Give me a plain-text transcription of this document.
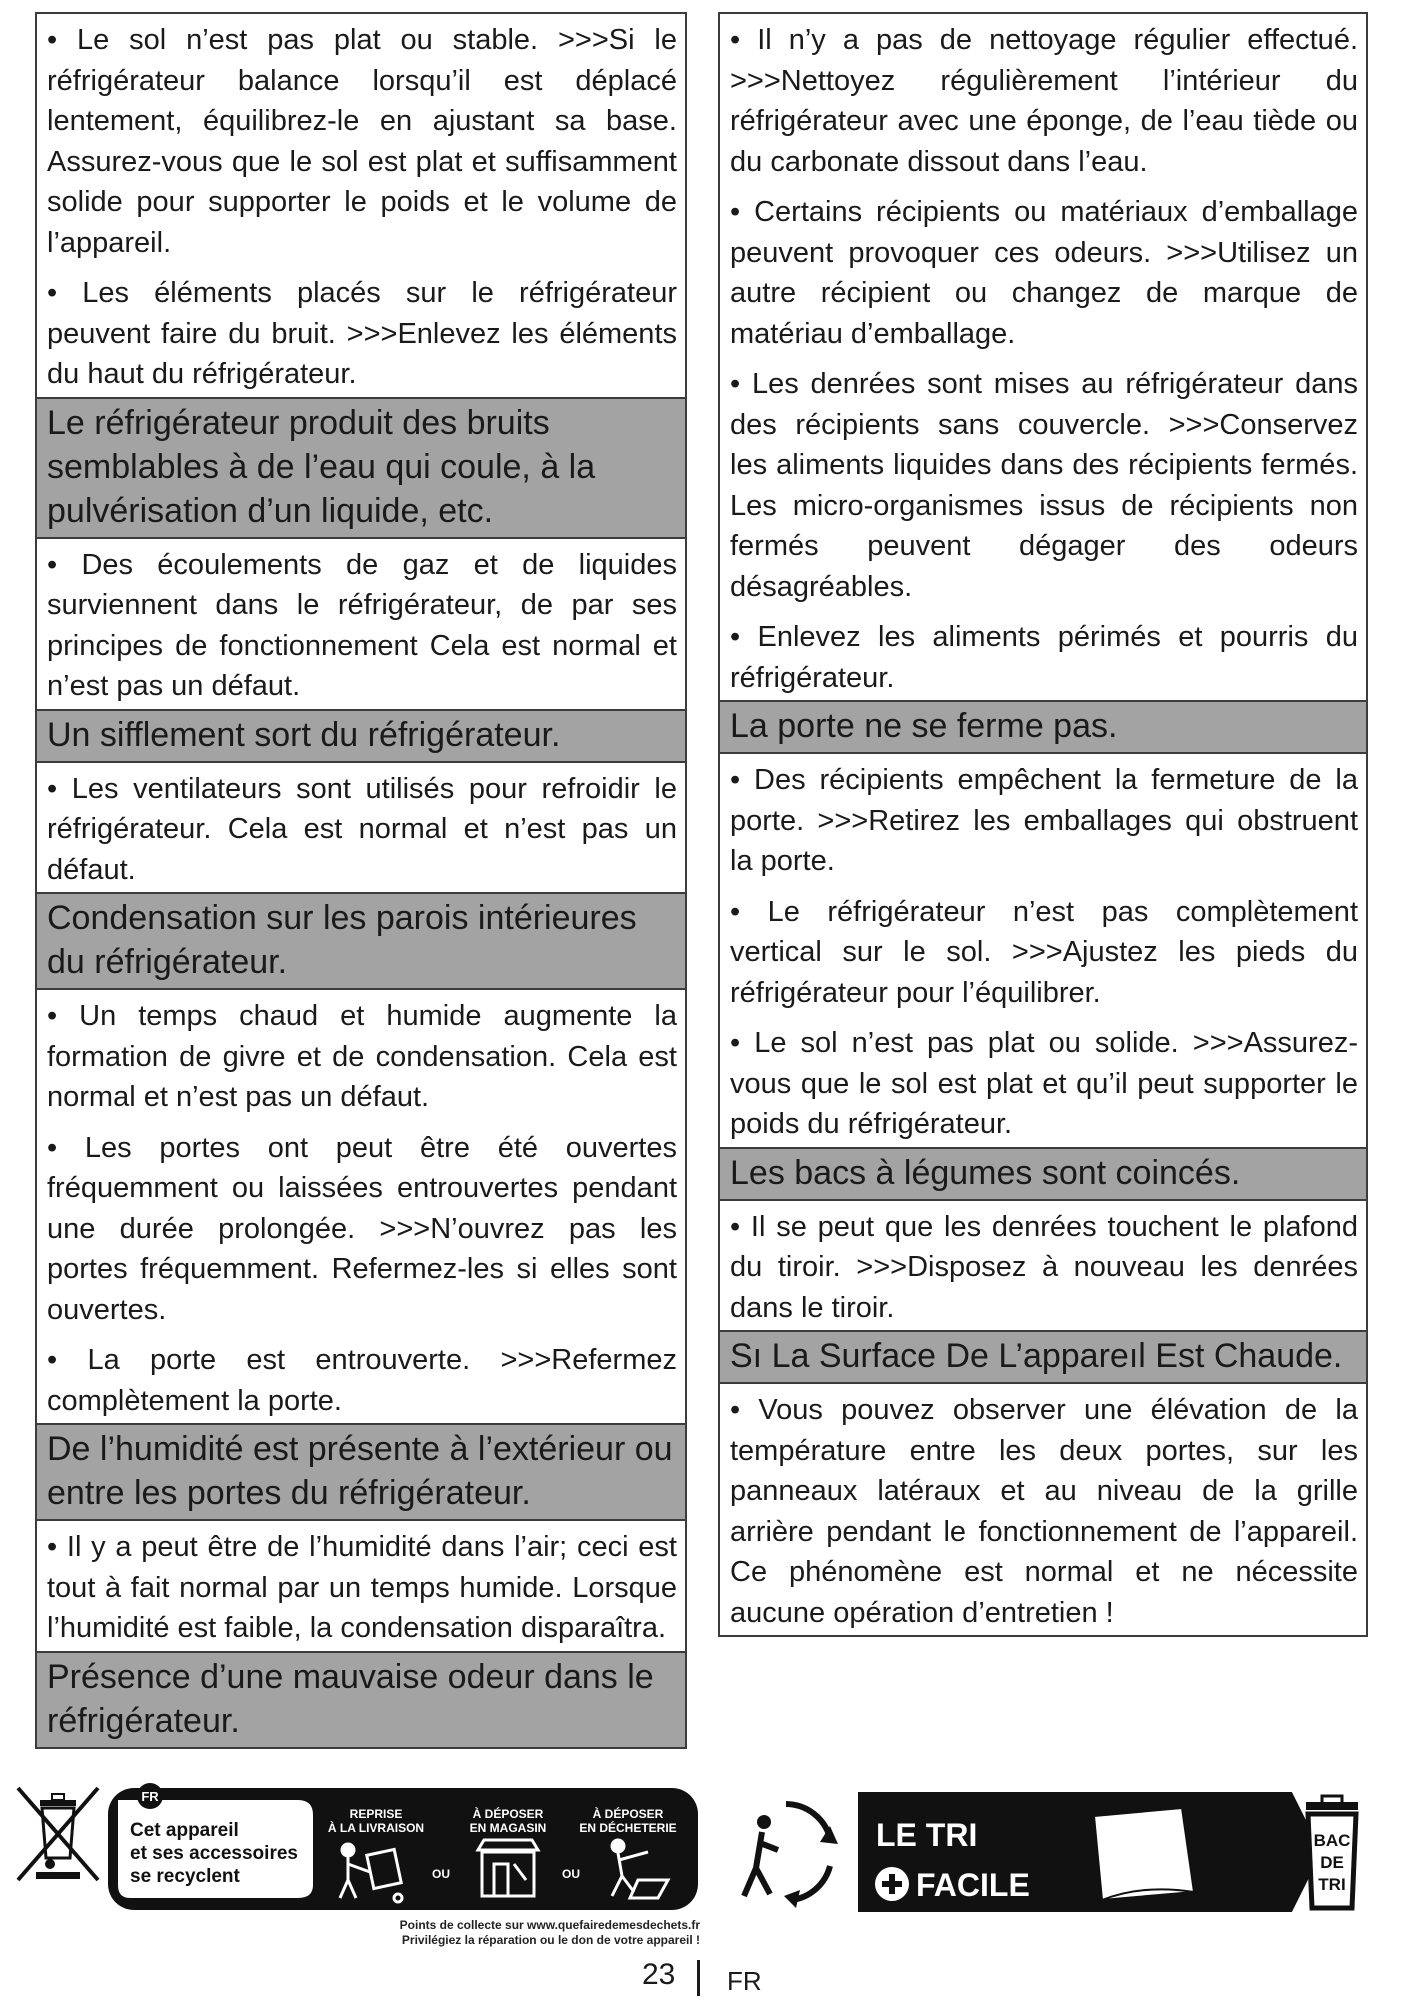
• Le sol n’est pas plat ou stable. >>>Si le réfrigérateur balance lorsqu’il est déplacé lentement, équilibrez-le en ajustant sa base. Assurez-vous que le sol est plat et suffisamment solide pour supporter le poids et le volume de l’appareil.
• Les éléments placés sur le réfrigérateur peuvent faire du bruit. >>>Enlevez les éléments du haut du réfrigérateur.
Le réfrigérateur produit des bruits semblables à de l’eau qui coule, à la pulvérisation d’un liquide, etc.
• Des écoulements de gaz et de liquides surviennent dans le réfrigérateur, de par ses principes de fonctionnement Cela est normal et n’est pas un défaut.
Un sifflement sort du réfrigérateur.
• Les ventilateurs sont utilisés pour refroidir le réfrigérateur. Cela est normal et n’est pas un défaut.
Condensation sur les parois intérieures du réfrigérateur.
• Un temps chaud et humide augmente la formation de givre et de condensation. Cela est normal et n’est pas un défaut.
• Les portes ont peut être été ouvertes fréquemment ou laissées entrouvertes pendant une durée prolongée. >>>N’ouvrez pas les portes fréquemment. Refermez-les si elles sont ouvertes.
• La porte est entrouverte. >>>Refermez complètement la porte.
De l’humidité est présente à l’extérieur ou entre les portes du réfrigérateur.
• Il y a peut être de l’humidité dans l’air; ceci est tout à fait normal par un temps humide. Lorsque l’humidité est faible, la condensation disparaîtra.
Présence d’une mauvaise odeur dans le réfrigérateur.
• Il n’y a pas de nettoyage régulier effectué. >>>Nettoyez régulièrement l’intérieur du réfrigérateur avec une éponge, de l’eau tiède ou du carbonate dissout dans l’eau.
• Certains récipients ou matériaux d’emballage peuvent provoquer ces odeurs. >>>Utilisez un autre récipient ou changez de marque de matériau d’emballage.
• Les denrées sont mises au réfrigérateur dans des récipients sans couvercle. >>>Conservez les aliments liquides dans des récipients fermés. Les micro-organismes issus de récipients non fermés peuvent dégager des odeurs désagréables.
• Enlevez les aliments périmés et pourris du réfrigérateur.
La porte ne se ferme pas.
• Des récipients empêchent la fermeture de la porte. >>>Retirez les emballages qui obstruent la porte.
• Le réfrigérateur n’est pas complètement vertical sur le sol. >>>Ajustez les pieds du réfrigérateur pour l’équilibrer.
• Le sol n’est pas plat ou solide. >>>Assurez-vous que le sol est plat et qu’il peut supporter le poids du réfrigérateur.
Les bacs à légumes sont coincés.
• Il se peut que les denrées touchent le plafond du tiroir. >>>Disposez à nouveau les denrées dans le tiroir.
Sı La Surface De L’appareıl Est Chaude.
• Vous pouvez observer une élévation de la température entre les deux portes, sur les panneaux latéraux et au niveau de la grille arrière pendant le fonctionnement de l’appareil. Ce phénomène est normal et ne nécessite aucune opération d’entretien !
FR
Cet appareil
et ses accessoires
se recyclent
REPRISE
À LA LIVRAISON
À DÉPOSER
EN MAGASIN
À DÉPOSER
EN DÉCHETERIE
OU	OU
Points de collecte sur www.quefairedemesdechets.fr
Privilégiez la réparation ou le don de votre appareil !
LE TRI
FACILE
BAC
DE
TRI
23 FR
